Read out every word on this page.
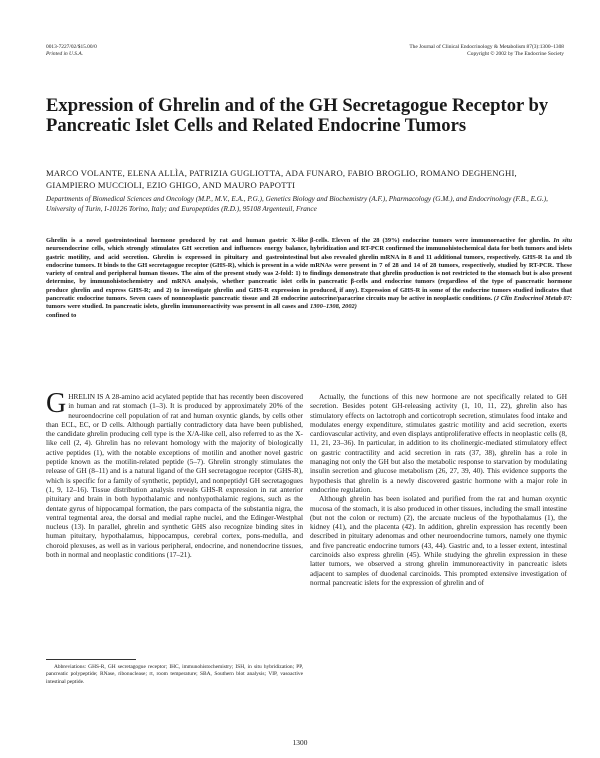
0013-7227/02/$15.00/0
Printed in U.S.A.
The Journal of Clinical Endocrinology & Metabolism 87(3):1300–1308
Copyright © 2002 by The Endocrine Society
Expression of Ghrelin and of the GH Secretagogue Receptor by Pancreatic Islet Cells and Related Endocrine Tumors
MARCO VOLANTE, ELENA ALLÌA, PATRIZIA GUGLIOTTA, ADA FUNARO, FABIO BROGLIO, ROMANO DEGHENGHI, GIAMPIERO MUCCIOLI, EZIO GHIGO, AND MAURO PAPOTTI
Departments of Biomedical Sciences and Oncology (M.P., M.V., E.A., P.G.), Genetics Biology and Biochemistry (A.F.), Pharmacology (G.M.), and Endocrinology (F.B., E.G.), University of Turin, I-10126 Torino, Italy; and Europeptides (R.D.), 95108 Argenteuil, France

Ghrelin is a novel gastrointestinal hormone produced by rat and human gastric X-like neuroendocrine cells, which strongly stimulates GH secretion and influences energy balance, gastric motility, and acid secretion. Ghrelin is expressed in pituitary and gastrointestinal endocrine tumors. It binds to the GH secretagogue receptor (GHS-R), which is present in a wide variety of central and peripheral human tissues. The aim of the present study was 2-fold: 1) to determine, by immunohistochemistry and mRNA analysis, whether pancreatic islet cells produce ghrelin and express GHS-R; and 2) to investigate ghrelin and GHS-R expression in pancreatic endocrine tumors. Seven cases of nonneoplastic pancreatic tissue and 28 endocrine tumors were studied. In pancreatic islets, ghrelin immunoreactivity was present in all cases and confined to

β-cells. Eleven of the 28 (39%) endocrine tumors were immunoreactive for ghrelin. In situ hybridization and RT-PCR confirmed the immunohistochemical data for both tumors and islets but also revealed ghrelin mRNA in 8 and 11 additional tumors, respectively. GHS-R 1a and 1b mRNAs were present in 7 of 28 and 14 of 28 tumors, respectively, studied by RT-PCR. These findings demonstrate that ghrelin production is not restricted to the stomach but is also present in pancreatic β-cells and endocrine tumors (regardless of the type of pancreatic hormone produced, if any). Expression of GHS-R in some of the endocrine tumors studied indicates that autocrine/paracrine circuits may be active in neoplastic conditions. (J Clin Endocrinol Metab 87: 1300–1308, 2002)

GHRELIN IS A 28-amino acid acylated peptide that has recently been discovered in human and rat stomach (1–3). It is produced by approximately 20% of the neuroendocrine cell population of rat and human oxyntic glands, by cells other than ECL, EC, or D cells. Although partially contradictory data have been published, the candidate ghrelin producing cell type is the X/A-like cell, also referred to as the X-like cell (2, 4). Ghrelin has no relevant homology with the majority of biologically active peptides (1), with the notable exceptions of motilin and another novel gastric peptide known as the motilin-related peptide (5–7). Ghrelin strongly stimulates the release of GH (8–11) and is a natural ligand of the GH secretagogue receptor (GHS-R), which is specific for a family of synthetic, peptidyl, and nonpeptidyl GH secretagogues (1, 9, 12–16). Tissue distribution analysis reveals GHS-R expression in rat anterior pituitary and brain in both hypothalamic and nonhypothalamic regions, such as the dentate gyrus of hippocampal formation, the pars compacta of the substantia nigra, the ventral tegmental area, the dorsal and medial raphe nuclei, and the Edinger-Westphal nucleus (13). In parallel, ghrelin and synthetic GHS also recognize binding sites in human pituitary, hypothalamus, hippocampus, cerebral cortex, pons-medulla, and choroid plexuses, as well as in various peripheral, endocrine, and nonendocrine tissues, both in normal and neoplastic conditions (17–21).

Actually, the functions of this new hormone are not specifically related to GH secretion. Besides potent GH-releasing activity (1, 10, 11, 22), ghrelin also has stimulatory effects on lactotroph and corticotroph secretion, stimulates food intake and modulates energy expenditure, stimulates gastric motility and acid secretion, exerts cardiovascular activity, and even displays antiproliferative effects in neoplastic cells (8, 11, 21, 23–36). In particular, in addition to its cholinergic-mediated stimulatory effect on gastric contractility and acid secretion in rats (37, 38), ghrelin has a role in managing not only the GH but also the metabolic response to starvation by modulating insulin secretion and glucose metabolism (26, 27, 39, 40). This evidence supports the hypothesis that ghrelin is a newly discovered gastric hormone with a major role in endocrine regulation.

Although ghrelin has been isolated and purified from the rat and human oxyntic mucosa of the stomach, it is also produced in other tissues, including the small intestine (but not the colon or rectum) (2), the arcuate nucleus of the hypothalamus (1), the kidney (41), and the placenta (42). In addition, ghrelin expression has recently been described in pituitary adenomas and other neuroendocrine tumors, namely one thymic and five pancreatic endocrine tumors (43, 44). Gastric and, to a lesser extent, intestinal carcinoids also express ghrelin (45). While studying the ghrelin expression in these latter tumors, we observed a strong ghrelin immunoreactivity in pancreatic islets adjacent to samples of duodenal carcinoids. This prompted extensive investigation of normal pancreatic islets for the expression of ghrelin and of

Abbreviations: GHS-R, GH secretagogue receptor; IHC, immunohistochemistry; ISH, in situ hybridization; PP, pancreatic polypeptide; RNase, ribonuclease; rt, room temperature; SBA, Southern blot analysis; VIP, vasoactive intestinal peptide.

1300
